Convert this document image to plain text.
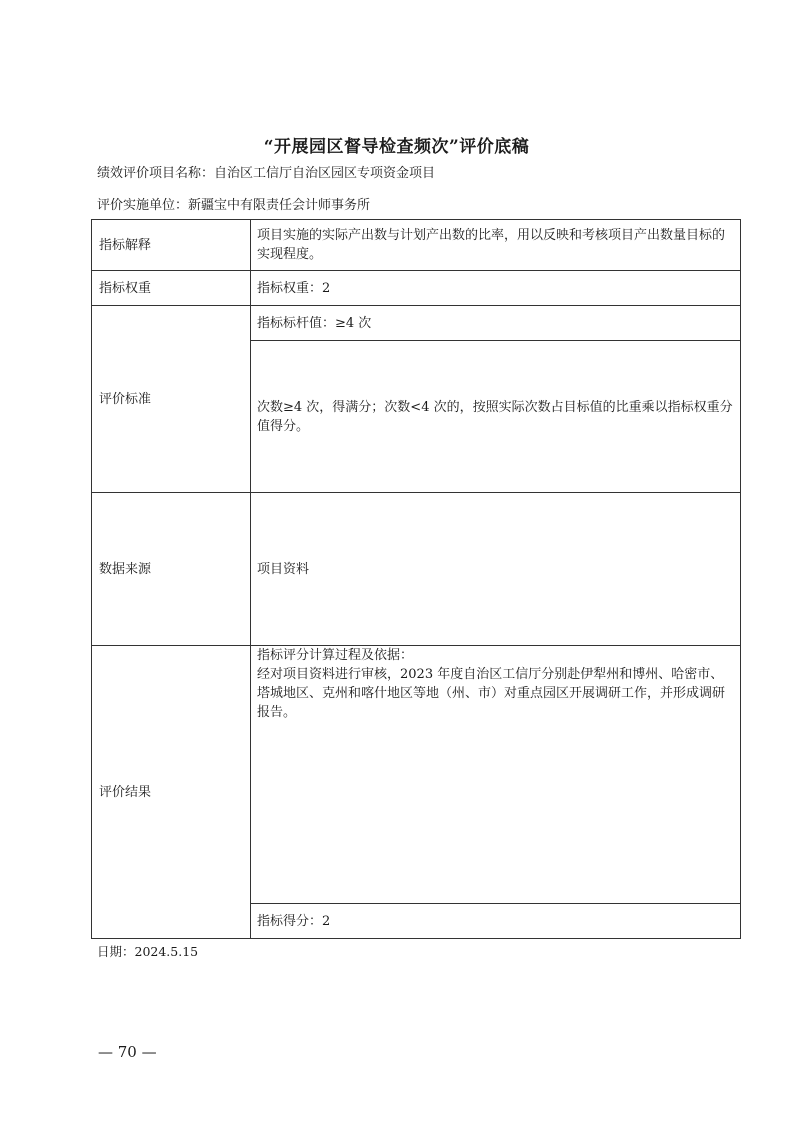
“开展园区督导检查频次”评价底稿
绩效评价项目名称：自治区工信厅自治区园区专项资金项目
评价实施单位：新疆宝中有限责任会计师事务所
指标解释	项目实施的实际产出数与计划产出数的比率，用以反映和考核项目产出数量目标的实现程度。
指标权重	指标权重：2
评价标准	指标标杆值：≥4 次
	次数≥4 次，得满分；次数<4 次的，按照实际次数占目标值的比重乘以指标权重分值得分。
数据来源	项目资料
评价结果	指标评分计算过程及依据：
经对项目资料进行审核，2023 年度自治区工信厅分别赴伊犁州和博州、哈密市、塔城地区、克州和喀什地区等地（州、市）对重点园区开展调研工作，并形成调研报告。

	指标得分：2
日期：2024.5.15
— 70 —
